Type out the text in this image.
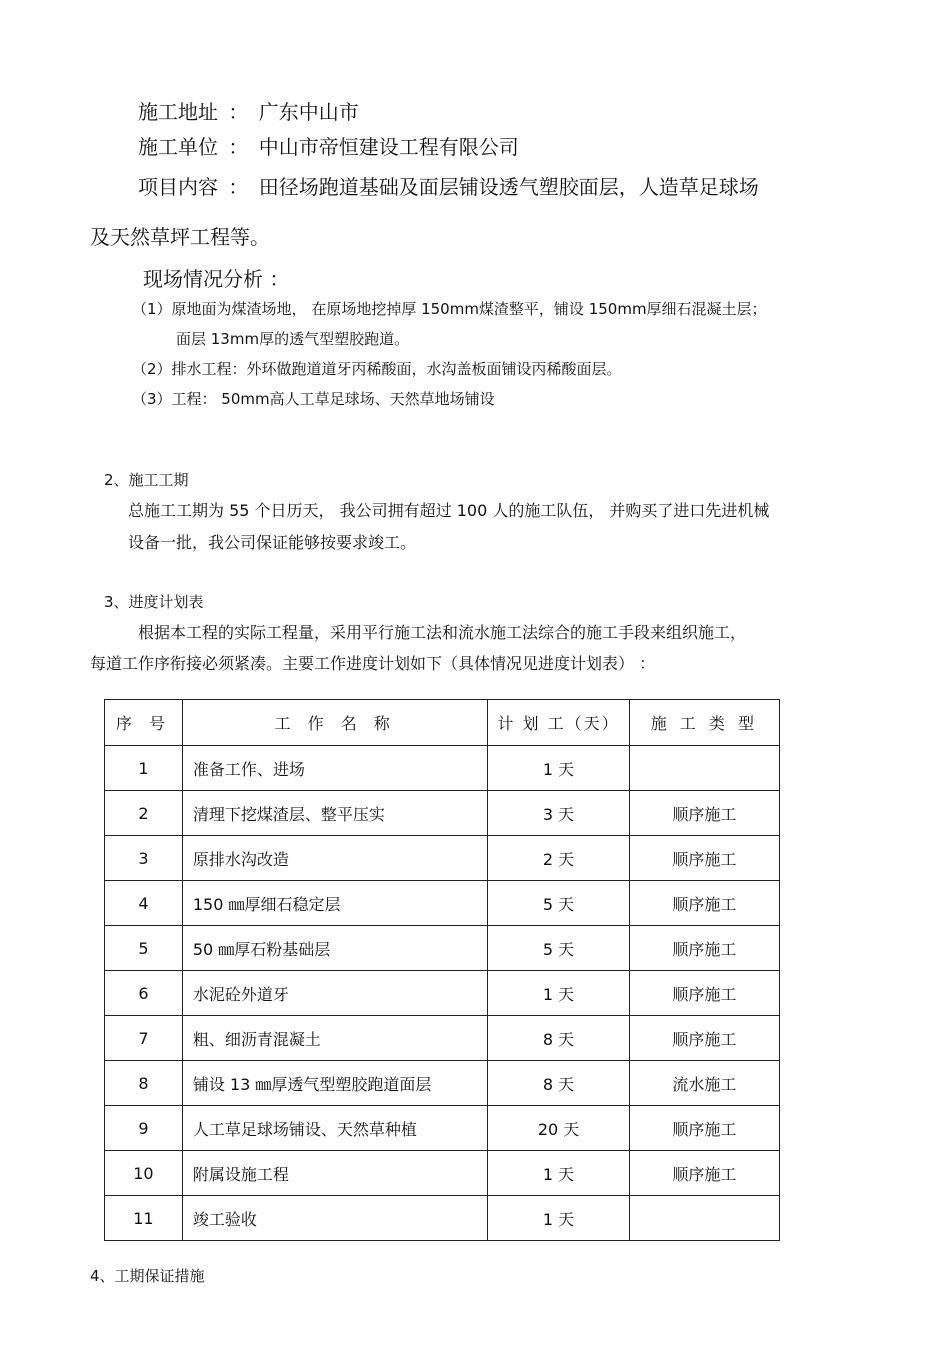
施工地址 ： 广东中山市
施工单位 ： 中山市帝恒建设工程有限公司
项目内容 ： 田径场跑道基础及面层铺设透气塑胶面层，人造草足球场
及天然草坪工程等。
现场情况分析 ：
（1）原地面为煤渣场地， 在原场地挖掉厚 150mm煤渣整平，铺设 150mm厚细石混凝土层；
面层 13mm厚的透气型塑胶跑道。
（2）排水工程：外环做跑道道牙丙稀酸面，水沟盖板面铺设丙稀酸面层。
（3）工程： 50mm高人工草足球场、天然草地场铺设
2、施工工期
总施工工期为 55 个日历天， 我公司拥有超过 100 人的施工队伍， 并购买了进口先进机械
设备一批，我公司保证能够按要求竣工。
3、进度计划表
根据本工程的实际工程量，采用平行施工法和流水施工法综合的施工手段来组织施工，
每道工作序衔接必须紧凑。主要工作进度计划如下（具体情况见进度计划表） ：
序 号	工 作 名 称	计 划 工（天）	施 工 类 型
1	准备工作、进场	1 天	
2	清理下挖煤渣层、整平压实	3 天	顺序施工
3	原排水沟改造	2 天	顺序施工
4	150 ㎜厚细石稳定层	5 天	顺序施工
5	50 ㎜厚石粉基础层	5 天	顺序施工
6	水泥砼外道牙	1 天	顺序施工
7	粗、细沥青混凝土	8 天	顺序施工
8	铺设 13 ㎜厚透气型塑胶跑道面层	8 天	流水施工
9	人工草足球场铺设、天然草种植	20 天	顺序施工
10	附属设施工程	1 天	顺序施工
11	竣工验收	1 天	
4、工期保证措施
